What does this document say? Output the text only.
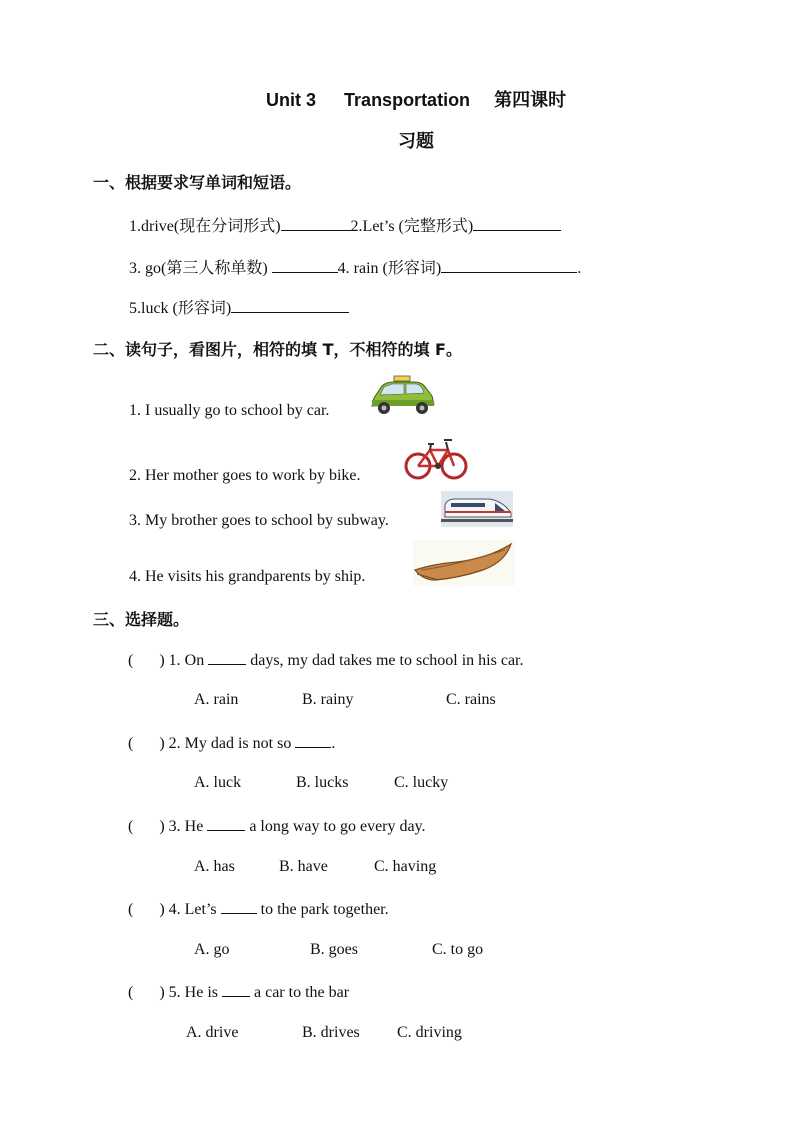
Unit 3 Transportation 第四课时
习题
一、根据要求写单词和短语。
1.drive(现在分词形式)	2.Let’s (完整形式)
3. go(第三人称单数)	4. rain (形容词)	.
5.luck (形容词)
二、读句子，看图片，相符的填 T，不相符的填 F。
1. I usually go to school by car.
2. Her mother goes to work by bike.
3. My brother goes to school by subway.
4. He visits his grandparents by ship.
三、选择题。
( ) 1. On	days, my dad takes me to school in his car.
A. rain	B. rainy	C. rains
( ) 2. My dad is not so	.
A. luck	B. lucks	C. lucky
( ) 3. He	a long way to go every day.
A. has	B. have	C. having
( ) 4. Let’s	to the park together.
A. go	B. goes	C. to go
( ) 5. He is a car to the bar
A. drive	B. drives C. driving
